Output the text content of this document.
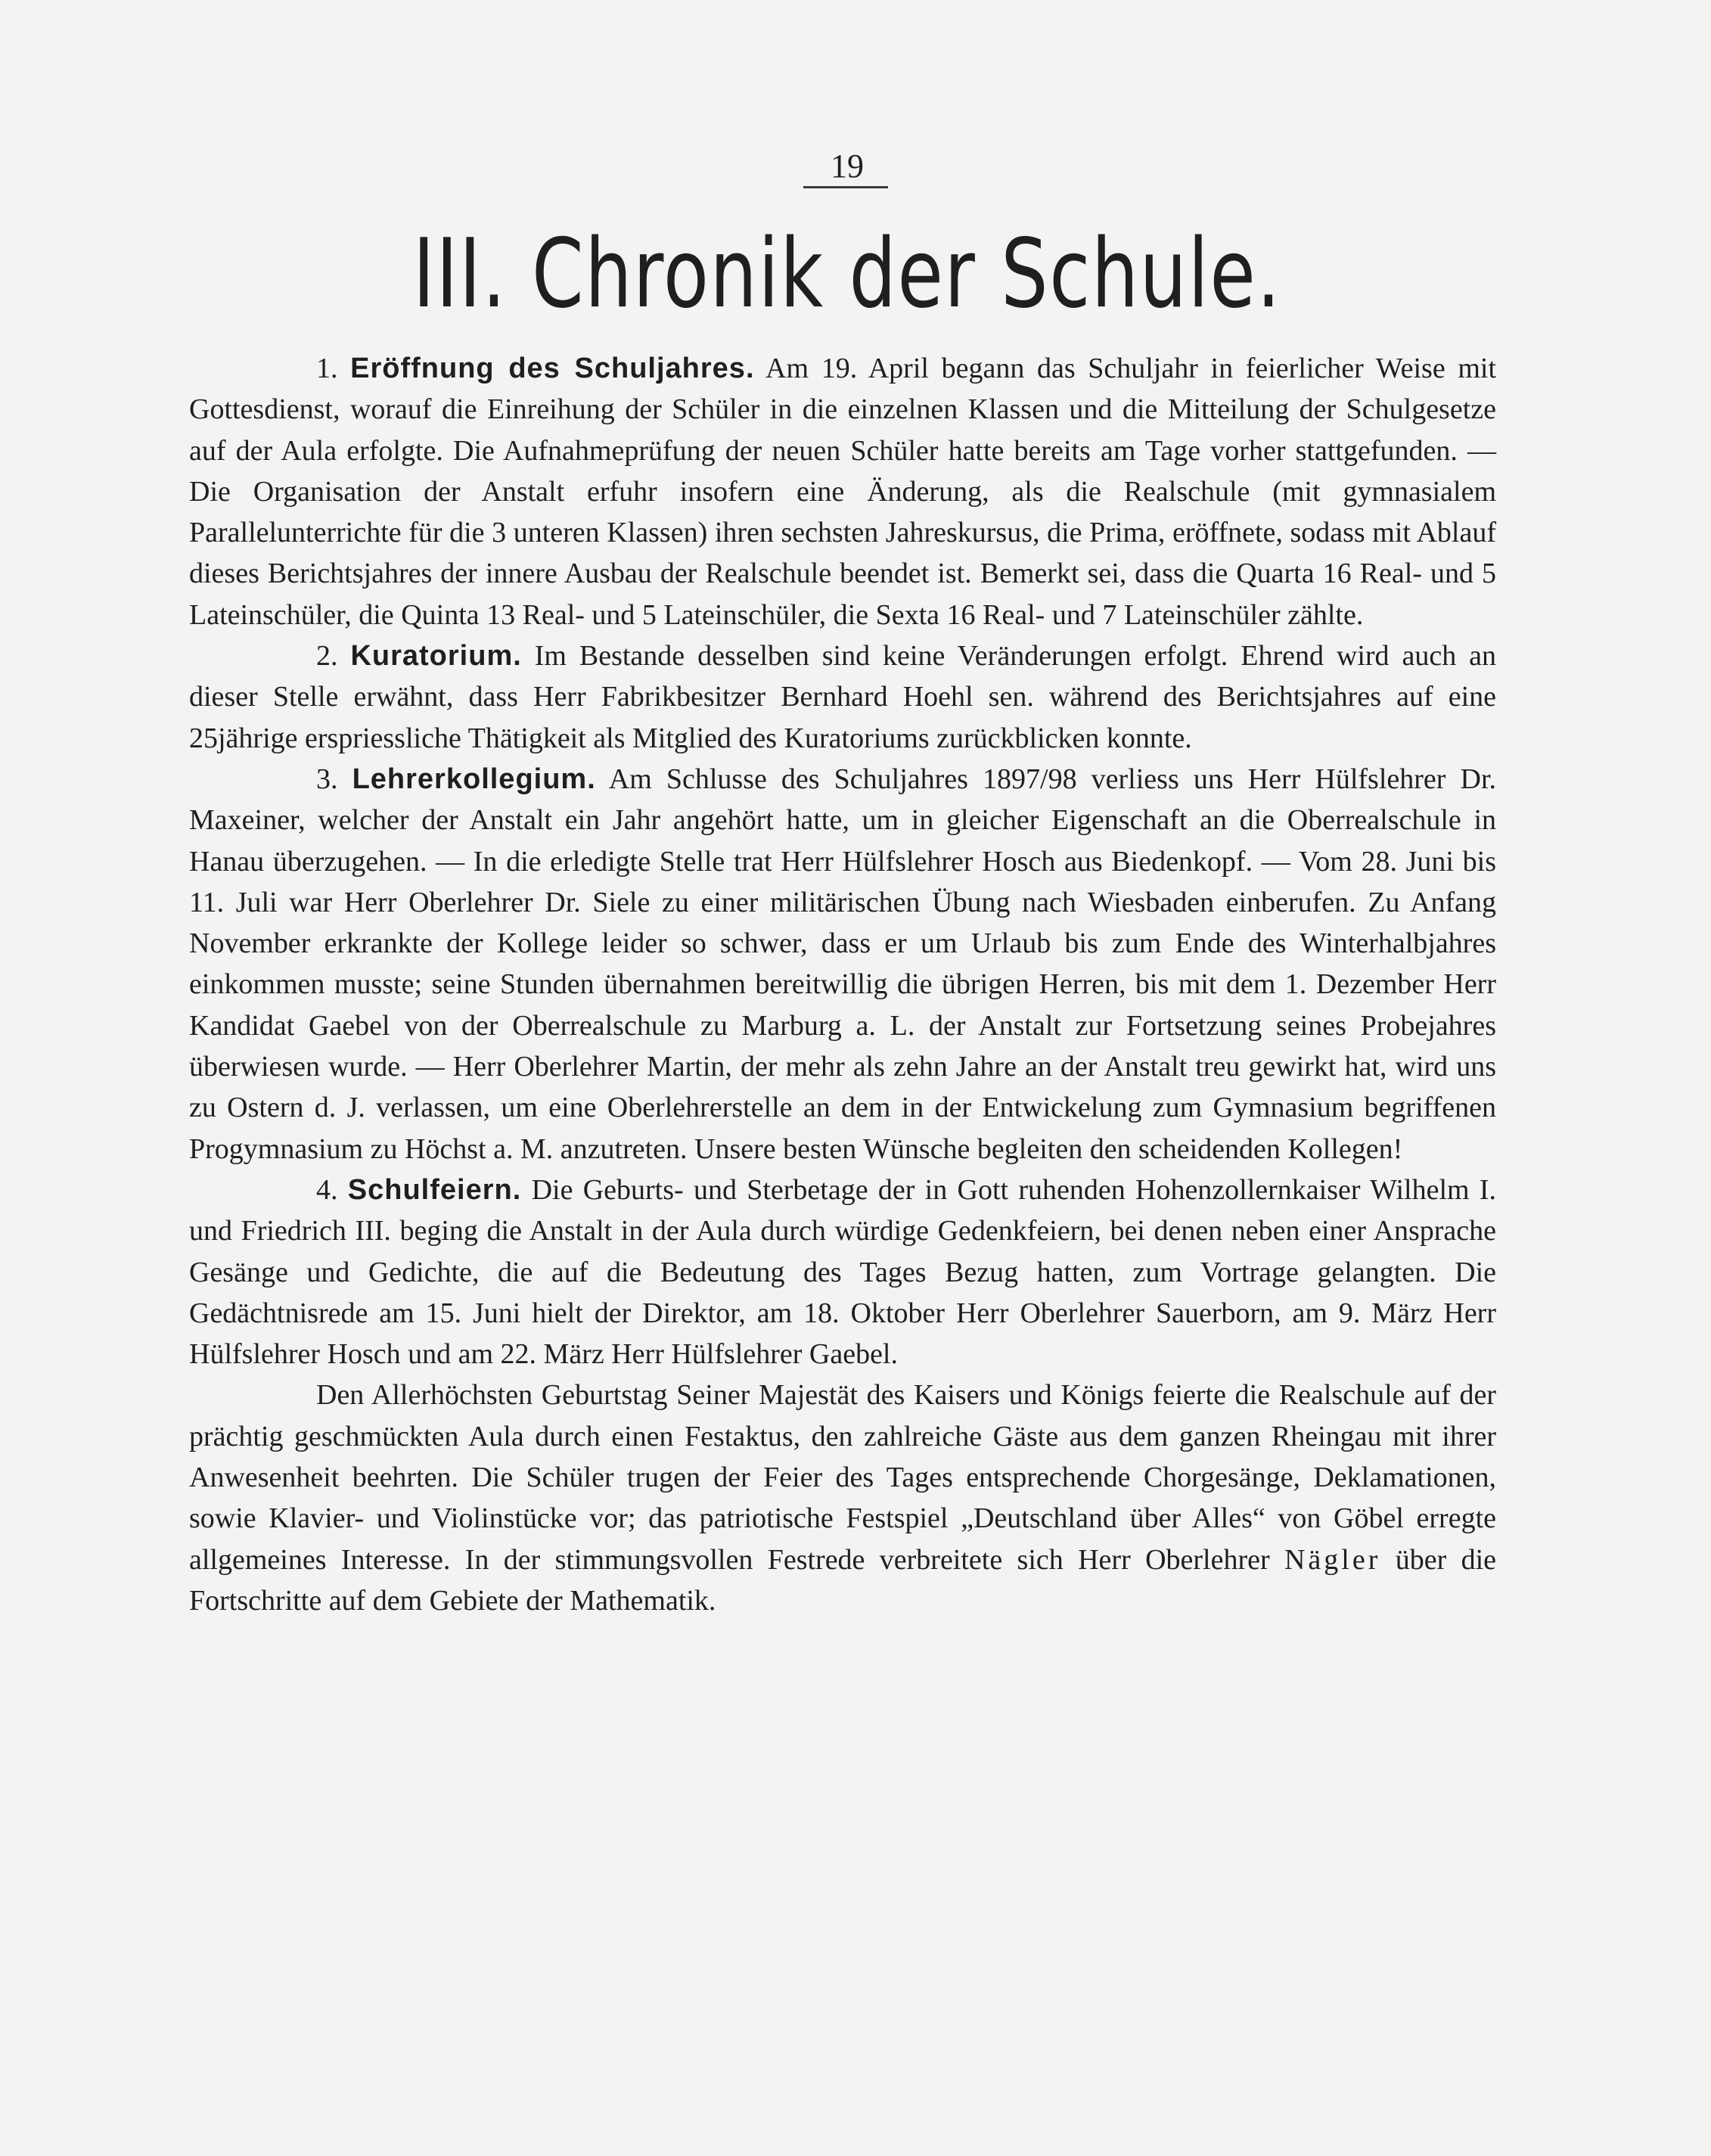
19
III. Chronik der Schule.

1. Eröffnung des Schuljahres. Am 19. April begann das Schuljahr in feierlicher Weise mit Gottesdienst, worauf die Einreihung der Schüler in die einzelnen Klassen und die Mitteilung der Schulgesetze auf der Aula erfolgte. Die Aufnahmeprüfung der neuen Schüler hatte bereits am Tage vorher stattgefunden. — Die Organisation der Anstalt erfuhr insofern eine Änderung, als die Realschule (mit gymnasialem Parallelunterrichte für die 3 unteren Klassen) ihren sechsten Jahreskursus, die Prima, eröffnete, sodass mit Ablauf dieses Berichtsjahres der innere Ausbau der Realschule beendet ist. Bemerkt sei, dass die Quarta 16 Real- und 5 Lateinschüler, die Quinta 13 Real- und 5 Lateinschüler, die Sexta 16 Real- und 7 Lateinschüler zählte.

2. Kuratorium. Im Bestande desselben sind keine Veränderungen erfolgt. Ehrend wird auch an dieser Stelle erwähnt, dass Herr Fabrikbesitzer Bernhard Hoehl sen. während des Berichtsjahres auf eine 25jährige erspriessliche Thätigkeit als Mitglied des Kuratoriums zurückblicken konnte.

3. Lehrerkollegium. Am Schlusse des Schuljahres 1897/98 verliess uns Herr Hülfslehrer Dr. Maxeiner, welcher der Anstalt ein Jahr angehört hatte, um in gleicher Eigenschaft an die Oberrealschule in Hanau überzugehen. — In die erledigte Stelle trat Herr Hülfslehrer Hosch aus Biedenkopf. — Vom 28. Juni bis 11. Juli war Herr Oberlehrer Dr. Siele zu einer militärischen Übung nach Wiesbaden einberufen. Zu Anfang November erkrankte der Kollege leider so schwer, dass er um Urlaub bis zum Ende des Winterhalbjahres einkommen musste; seine Stunden übernahmen bereitwillig die übrigen Herren, bis mit dem 1. Dezember Herr Kandidat Gaebel von der Oberrealschule zu Marburg a. L. der Anstalt zur Fortsetzung seines Probejahres überwiesen wurde. — Herr Oberlehrer Martin, der mehr als zehn Jahre an der Anstalt treu gewirkt hat, wird uns zu Ostern d. J. verlassen, um eine Oberlehrerstelle an dem in der Entwickelung zum Gymnasium begriffenen Progymnasium zu Höchst a. M. anzutreten. Unsere besten Wünsche begleiten den scheidenden Kollegen!

4. Schulfeiern. Die Geburts- und Sterbetage der in Gott ruhenden Hohenzollernkaiser Wilhelm I. und Friedrich III. beging die Anstalt in der Aula durch würdige Gedenkfeiern, bei denen neben einer Ansprache Gesänge und Gedichte, die auf die Bedeutung des Tages Bezug hatten, zum Vortrage gelangten. Die Gedächtnisrede am 15. Juni hielt der Direktor, am 18. Oktober Herr Oberlehrer Sauerborn, am 9. März Herr Hülfslehrer Hosch und am 22. März Herr Hülfslehrer Gaebel.

Den Allerhöchsten Geburtstag Seiner Majestät des Kaisers und Königs feierte die Realschule auf der prächtig geschmückten Aula durch einen Festaktus, den zahlreiche Gäste aus dem ganzen Rheingau mit ihrer Anwesenheit beehrten. Die Schüler trugen der Feier des Tages entsprechende Chorgesänge, Deklamationen, sowie Klavier- und Violinstücke vor; das patriotische Festspiel „Deutschland über Alles“ von Göbel erregte allgemeines Interesse. In der stimmungsvollen Festrede verbreitete sich Herr Oberlehrer Nägler über die Fortschritte auf dem Gebiete der Mathematik.
